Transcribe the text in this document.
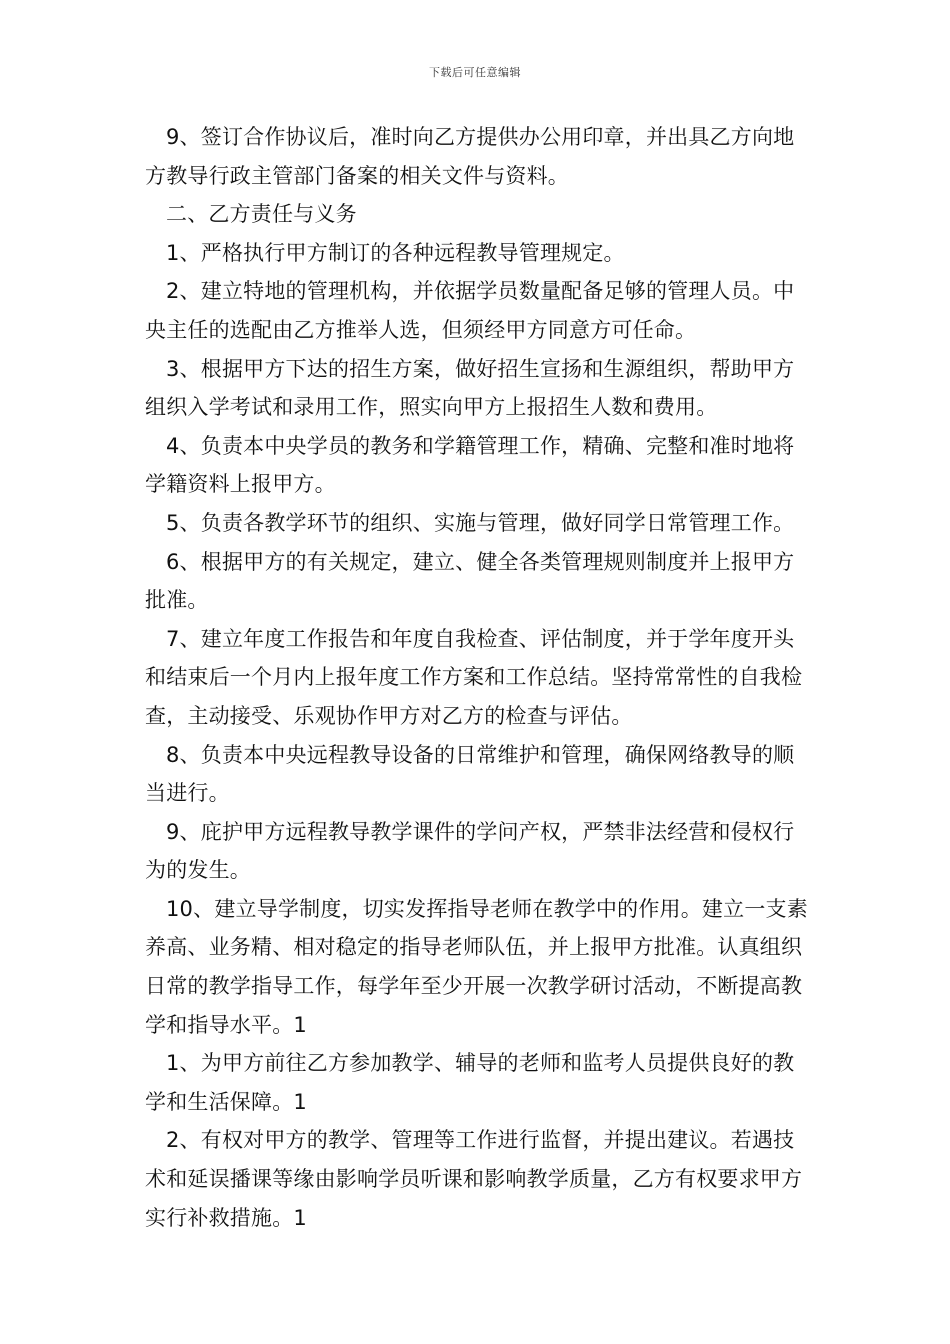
下载后可任意编辑

9、签订合作协议后，准时向乙方提供办公用印章，并出具乙方向地方教导行政主管部门备案的相关文件与资料。

二、乙方责任与义务

1、严格执行甲方制订的各种远程教导管理规定。

2、建立特地的管理机构，并依据学员数量配备足够的管理人员。中央主任的选配由乙方推举人选，但须经甲方同意方可任命。

3、根据甲方下达的招生方案，做好招生宣扬和生源组织，帮助甲方组织入学考试和录用工作，照实向甲方上报招生人数和费用。

4、负责本中央学员的教务和学籍管理工作，精确、完整和准时地将学籍资料上报甲方。

5、负责各教学环节的组织、实施与管理，做好同学日常管理工作。

6、根据甲方的有关规定，建立、健全各类管理规则制度并上报甲方批准。

7、建立年度工作报告和年度自我检查、评估制度，并于学年度开头和结束后一个月内上报年度工作方案和工作总结。坚持常常性的自我检查，主动接受、乐观协作甲方对乙方的检查与评估。

8、负责本中央远程教导设备的日常维护和管理，确保网络教导的顺当进行。

9、庇护甲方远程教导教学课件的学问产权，严禁非法经营和侵权行为的发生。

10、建立导学制度，切实发挥指导老师在教学中的作用。建立一支素养高、业务精、相对稳定的指导老师队伍，并上报甲方批准。认真组织日常的教学指导工作，每学年至少开展一次教学研讨活动，不断提高教学和指导水平。1

1、为甲方前往乙方参加教学、辅导的老师和监考人员提供良好的教学和生活保障。1

2、有权对甲方的教学、管理等工作进行监督，并提出建议。若遇技术和延误播课等缘由影响学员听课和影响教学质量，乙方有权要求甲方实行补救措施。1
